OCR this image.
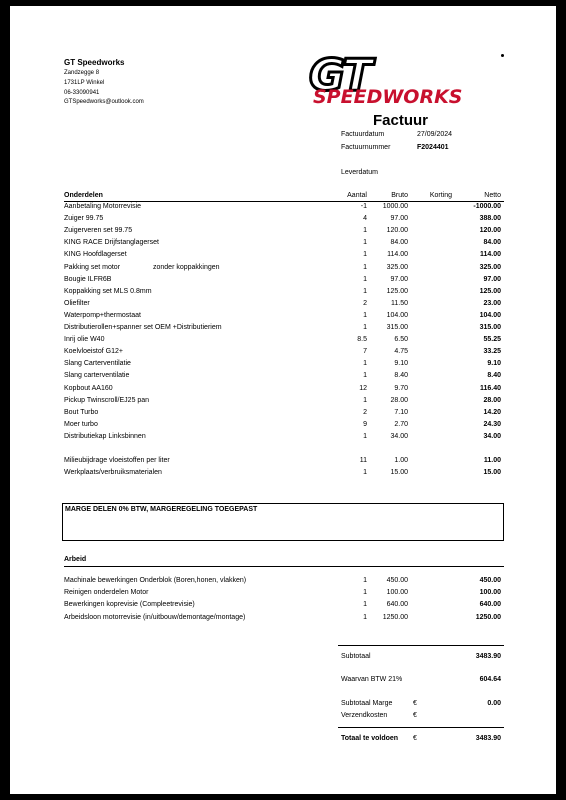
GT Speedworks
Zandzegge 8
1731LP Winkel
06-33090941
GTSpeedworks@outlook.com
GT
SPEEDWORKS
Factuur
Factuurdatum	27/09/2024
Factuurnummer	F2024401
Leverdatum
Onderdelen	Aantal	Bruto	Korting	Netto
Aanbetaling Motorrevisie	-1	1000.00	-1000.00
Zuiger 99.75	4	97.00	388.00
Zuigerveren set 99.75	1	120.00	120.00
KING RACE Drijfstanglagerset	1	84.00	84.00
KING Hoofdlagerset	1	114.00	114.00
Pakking set motor	zonder koppakkingen	1	325.00	325.00
Bougie ILFR6B	1	97.00	97.00
Koppakking set MLS 0.8mm	1	125.00	125.00
Oliefilter	2	11.50	23.00
Waterpomp+thermostaat	1	104.00	104.00
Distributierollen+spanner set OEM +Distributieriem	1	315.00	315.00
Inrij olie W40	8.5	6.50	55.25
Koelvloeistof G12+	7	4.75	33.25
Slang Carterventilatie	1	9.10	9.10
Slang carterventilatie	1	8.40	8.40
Kopbout AA160	12	9.70	116.40
Pickup Twinscroll/EJ25 pan	1	28.00	28.00
Bout Turbo	2	7.10	14.20
Moer turbo	9	2.70	24.30
Distributiekap Linksbinnen	1	34.00	34.00
Milieubijdrage vloeistoffen per liter	11	1.00	11.00
Werkplaats/verbruiksmaterialen	1	15.00	15.00
MARGE DELEN 0% BTW, MARGEREGELING TOEGEPAST
Arbeid
Machinale bewerkingen Onderblok (Boren,honen, vlakken)	1	450.00	450.00
Reinigen onderdelen Motor	1	100.00	100.00
Bewerkingen koprevisie (Compleetrevisie)	1	640.00	640.00
Arbeidsloon motorrevisie (in/uitbouw/demontage/montage)	1	1250.00	1250.00
Subtotaal	3483.90
Waarvan BTW 21%	604.64
Subtotaal Marge	€	0.00
Verzendkosten	€
Totaal te voldoen €	3483.90
